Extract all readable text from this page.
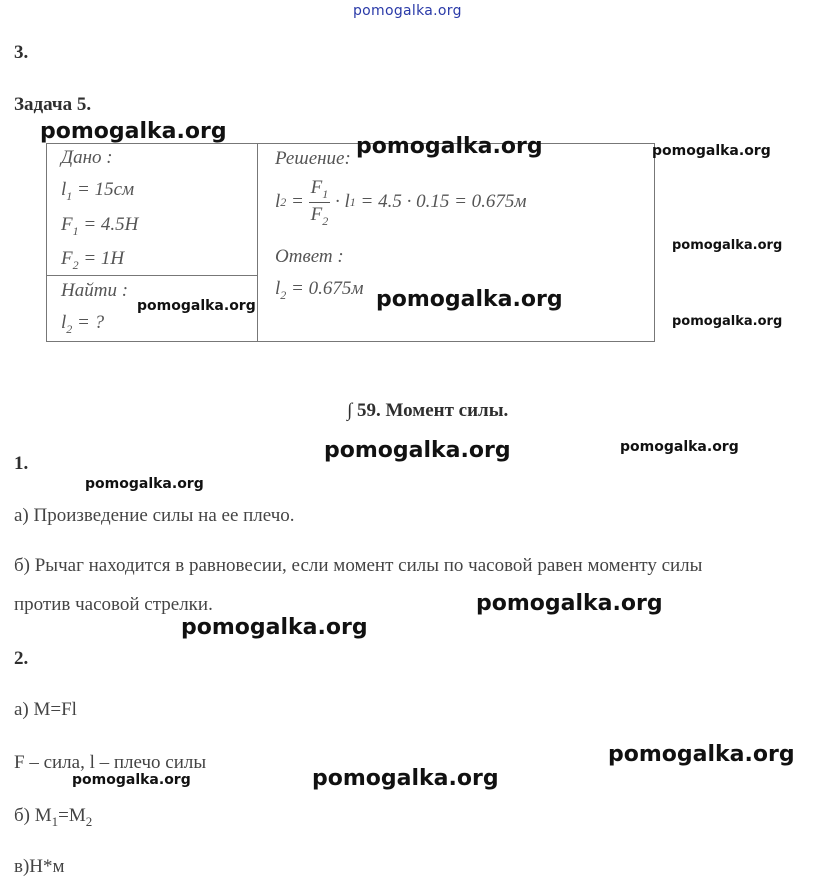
pomogalka.org
3.
Задача 5.
Дано :
$l_1 = 15см$
$F_1 = 4.5H$
$F_2 = 1H$
Найти :
$l_2$ = ?
Решение:
l $2 = \frac{F_1}{F_2} \cdot l$ 1 = 4.5 · 0.15 = 0.675м
Ответ :
$l_2 = 0.675м$
∫ 59. Момент силы.
1.
а) Произведение силы на ее плечо.
б) Рычаг находится в равновесии, если момент силы по часовой равен моменту силы
против часовой стрелки.
2.
а) M=Fl
F – сила, l – плечо силы
б) $M_1=M_2$
в)H*м
pomogalka.org
pomogalka.org	pomogalka.org
pomogalka.org
pomogalka.org	pomogalka.org
pomogalka.org
pomogalka.org	pomogalka.org
pomogalka.org
pomogalka.org
pomogalka.org
pomogalka.org
pomogalka.org
pomogalka.org
